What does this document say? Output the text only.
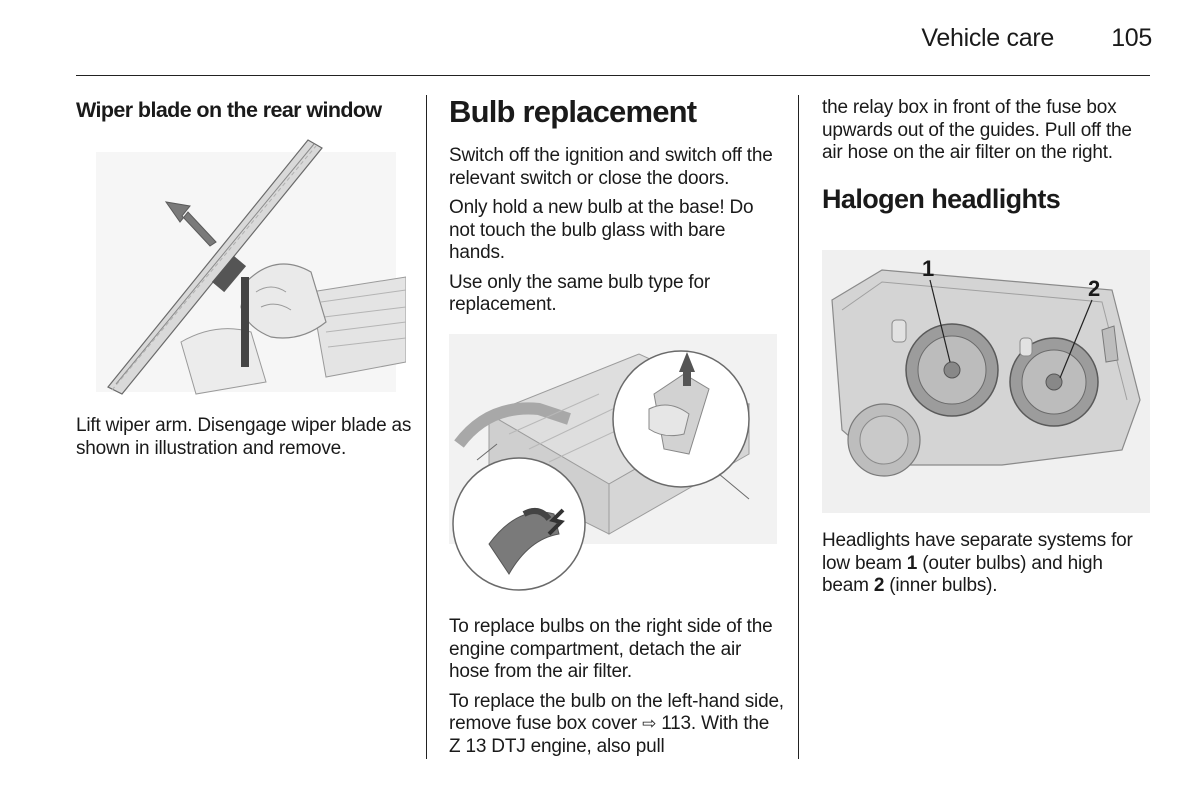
Vehicle care	105
Wiper blade on the rear window

Lift wiper arm. Disengage wiper blade as shown in illustration and remove.

Bulb replacement

Switch off the ignition and switch off the relevant switch or close the doors.

Only hold a new bulb at the base! Do not touch the bulb glass with bare hands.

Use only the same bulb type for replacement.

To replace bulbs on the right side of the engine compartment, detach the air hose from the air filter.

To replace the bulb on the left-hand side, remove fuse box cover ⇨ 113. With the Z 13 DTJ engine, also pull

the relay box in front of the fuse box upwards out of the guides. Pull off the air hose on the air filter on the right.

Halogen headlights
1
2

Headlights have separate systems for low beam 1 (outer bulbs) and high beam 2 (inner bulbs).
